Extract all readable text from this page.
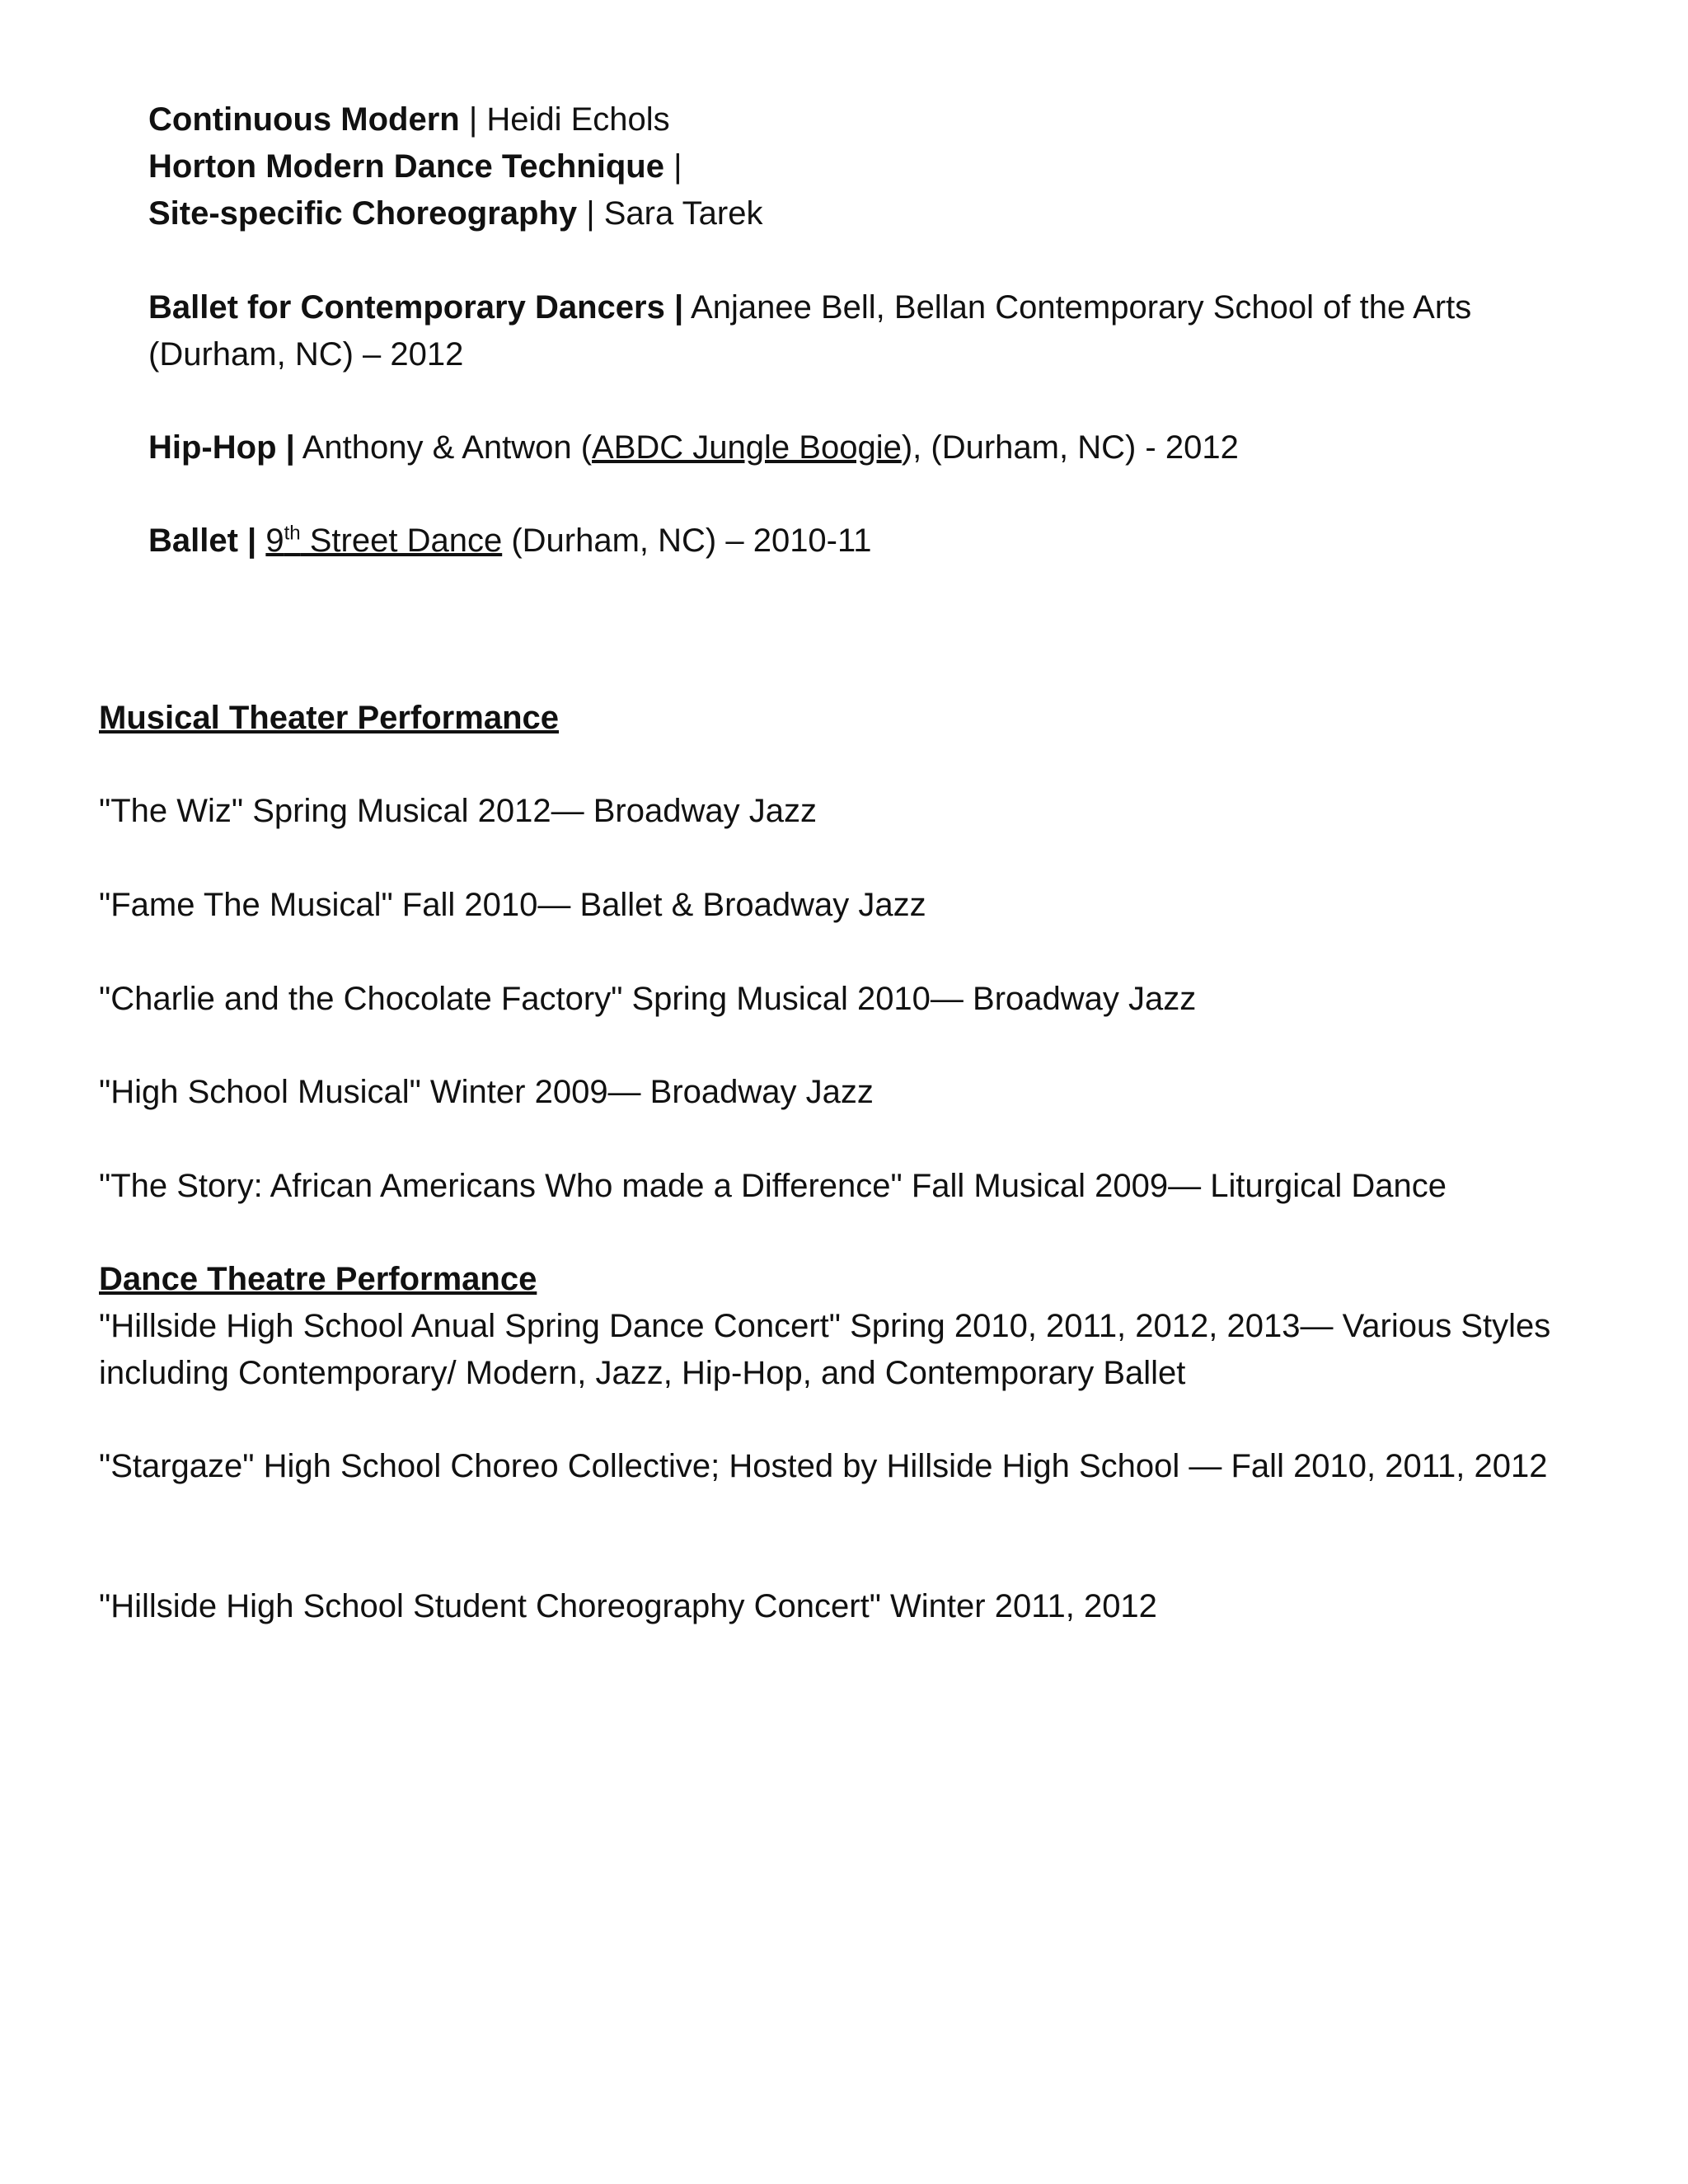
Continuous Modern | Heidi Echols

Horton Modern Dance Technique |

Site-specific Choreography | Sara Tarek

Ballet for Contemporary Dancers | Anjanee Bell, Bellan Contemporary School of the Arts (Durham, NC) – 2012

Hip-Hop | Anthony & Antwon (ABDC Jungle Boogie), (Durham, NC) - 2012

Ballet | 9th Street Dance (Durham, NC) – 2010-11

Musical Theater Performance

"The Wiz" Spring Musical 2012— Broadway Jazz

"Fame The Musical" Fall 2010— Ballet & Broadway Jazz

"Charlie and the Chocolate Factory" Spring Musical 2010— Broadway Jazz

"High School Musical" Winter 2009— Broadway Jazz

"The Story: African Americans Who made a Difference" Fall Musical 2009— Liturgical Dance

Dance Theatre Performance

"Hillside High School Anual Spring Dance Concert" Spring 2010, 2011, 2012, 2013— Various Styles including Contemporary/ Modern, Jazz, Hip-Hop, and Contemporary Ballet

"Stargaze" High School Choreo Collective; Hosted by Hillside High School — Fall 2010, 2011, 2012

"Hillside High School Student Choreography Concert" Winter 2011, 2012
